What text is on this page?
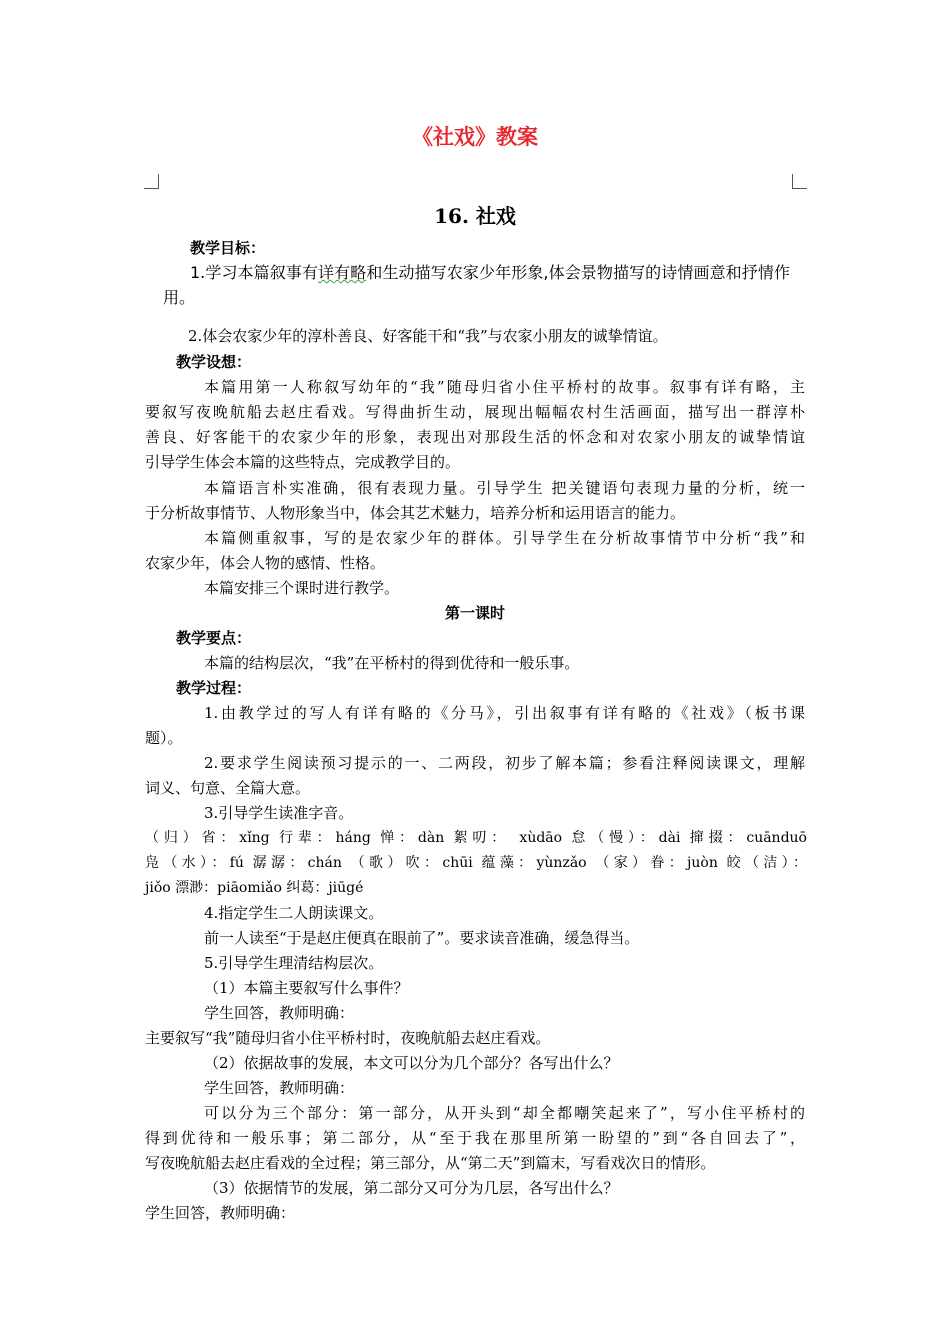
《社戏》教案
16. 社戏
教学目标：
1.学习本篇叙事有详有略和生动描写农家少年形象,体会景物描写的诗情画意和抒情作
用。
2.体会农家少年的淳朴善良、好客能干和“我”与农家小朋友的诚挚情谊。
教学设想：
本篇用第一人称叙写幼年的“我”随母归省小住平桥村的故事。叙事有详有略，主
要叙写夜晚航船去赵庄看戏。写得曲折生动，展现出幅幅农村生活画面，描写出一群淳朴
善良、好客能干的农家少年的形象，表现出对那段生活的怀念和对农家小朋友的诚挚情谊
引导学生体会本篇的这些特点，完成教学目的。
本篇语言朴实准确，很有表现力量。引导学生 把关键语句表现力量的分析，统一
于分析故事情节、人物形象当中，体会其艺术魅力，培养分析和运用语言的能力。
本篇侧重叙事，写的是农家少年的群体。引导学生在分析故事情节中分析“我”和
农家少年，体会人物的感情、性格。
本篇安排三个课时进行教学。
第一课时
教学要点：
本篇的结构层次，“我”在平桥村的得到优待和一般乐事。
教学过程：
1.由教学过的写人有详有略的《分马》，引出叙事有详有略的《社戏》（板书课
题）。
2.要求学生阅读预习提示的一、二两段，初步了解本篇；参看注释阅读课文，理解
词义、句意、全篇大意。
3.引导学生读准字音。
（归）省：xǐng 行辈：háng 惮：dàn 絮叨： xùdāo 怠（慢）：dài 撺掇：cuānduō
凫（水）：fú 潺潺：chán （歌）吹：chūi 蕴藻：yùnzǎo （家）眷：juòn 皎（洁）：
jiǒo 漂渺：piāomiǎo 纠葛：jiūgé
4.指定学生二人朗读课文。
前一人读至“于是赵庄便真在眼前了”。要求读音准确，缓急得当。
5.引导学生理清结构层次。
（1）本篇主要叙写什么事件？
学生回答，教师明确：
主要叙写“我”随母归省小住平桥村时，夜晚航船去赵庄看戏。
（2）依据故事的发展，本文可以分为几个部分？各写出什么？
学生回答，教师明确：
可以分为三个部分：第一部分，从开头到“却全都嘲笑起来了”，写小住平桥村的
得到优待和一般乐事；第二部分，从“至于我在那里所第一盼望的”到“各自回去了”，
写夜晚航船去赵庄看戏的全过程；第三部分，从“第二天”到篇末，写看戏次日的情形。
（3）依据情节的发展，第二部分又可分为几层，各写出什么？
学生回答，教师明确：
